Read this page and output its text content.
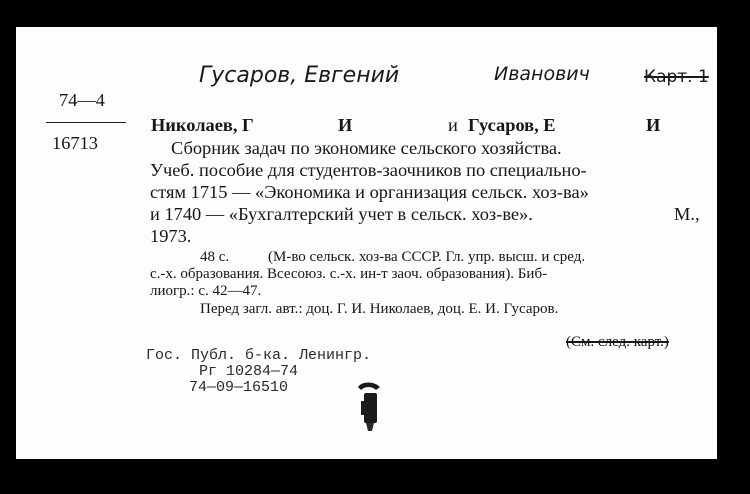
Гусаров, Евгений	Иванович	Карт. 1
74—4
16713
Николаев, Г	И	и Гусаров, Е	И
Сборник задач по экономике сельского хозяйства.
Учеб. пособие для студентов-заочников по специально-
стям 1715 — «Экономика и организация сельск. хоз-ва»
и 1740 — «Бухгалтерский учет в сельск. хоз-ве».	М.,
1973.
48 с.	(М-во сельск. хоз-ва СССР. Гл. упр. высш. и сред.
с.-х. образования. Всесоюз. с.-х. ин-т заоч. образования). Биб-
лиогр.: с. 42—47.
Перед загл. авт.: доц. Г. И. Николаев, доц. Е. И. Гусаров.
(См. след. карт.)
Гос. Публ. б-ка. Ленингр.
Рг 10284—74
74—09—16510
